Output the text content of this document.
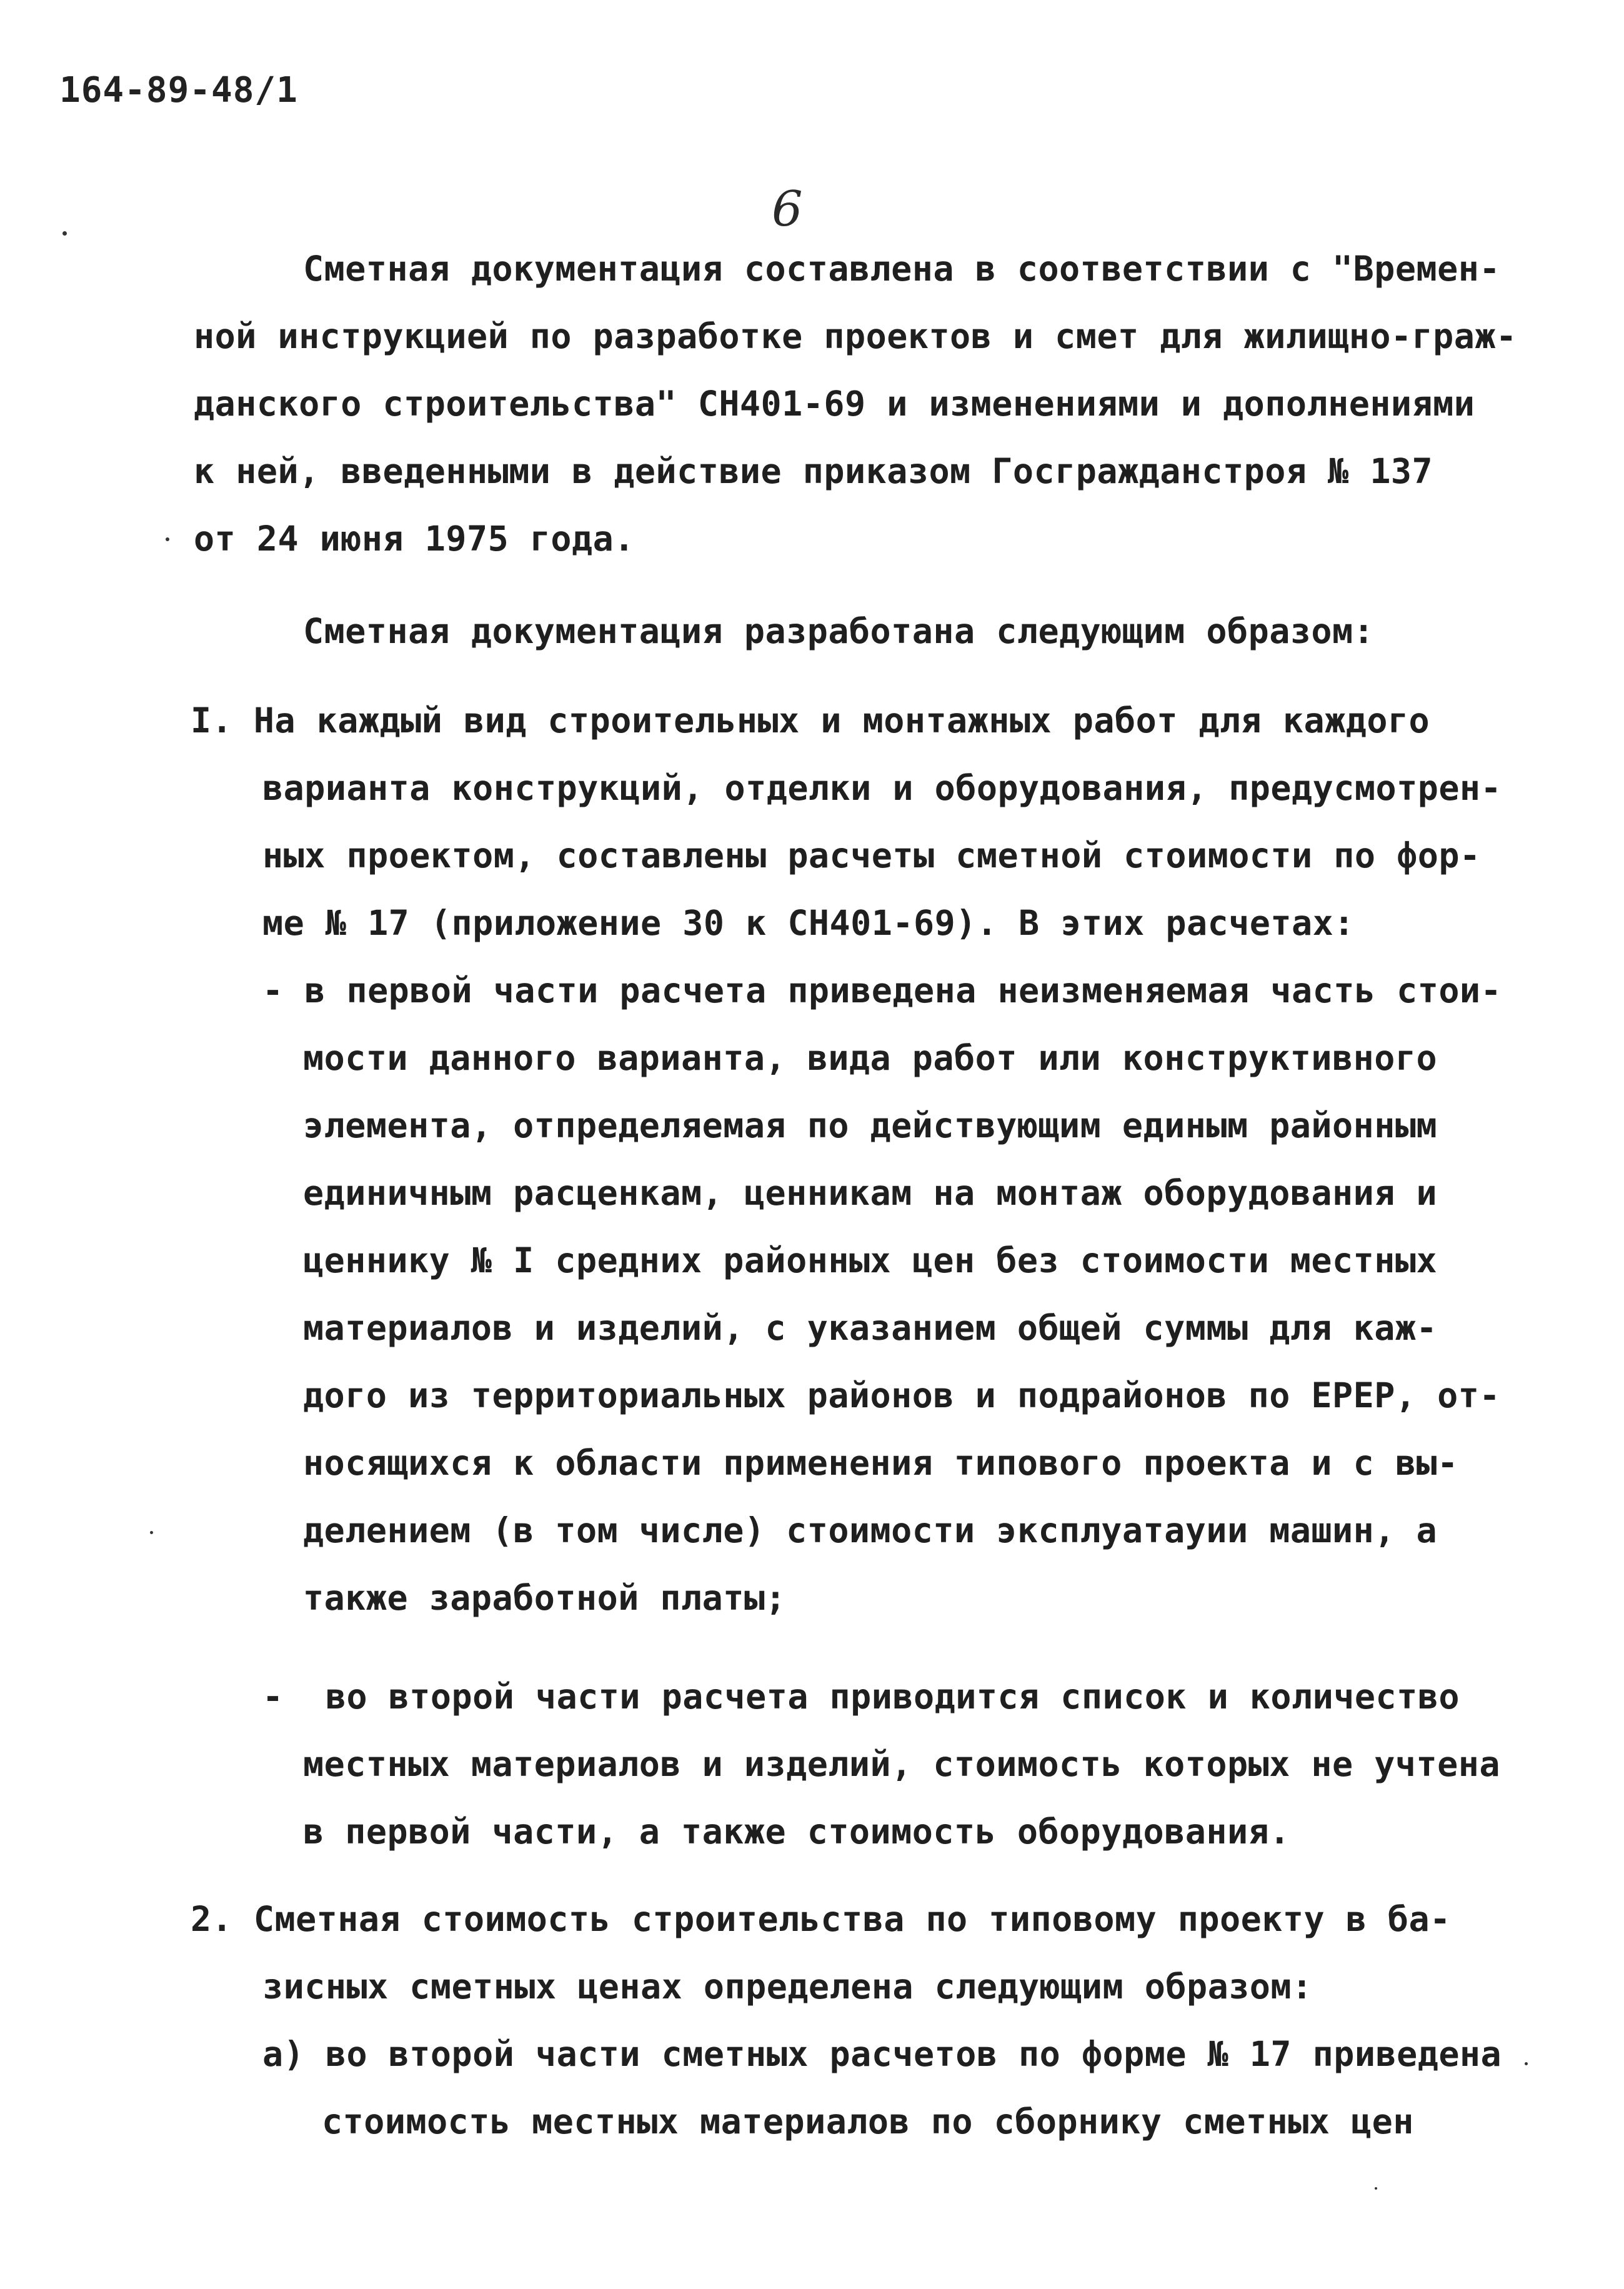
164-89-48/1
6
Сметная документация составлена в соответствии с "Времен-
ной инструкцией по разработке проектов и смет для жилищно-граж-
данского строительства" СН401-69 и изменениями и дополнениями
к ней, введенными в действие приказом Госгражданстроя № 137
от 24 июня 1975 года.
Сметная документация разработана следующим образом:
I. На каждый вид строительных и монтажных работ для каждого
варианта конструкций, отделки и оборудования, предусмотрен-
ных проектом, составлены расчеты сметной стоимости по фор-
ме № 17 (приложение 30 к СН401-69). В этих расчетах:
- в первой части расчета приведена неизменяемая часть стои-
мости данного варианта, вида работ или конструктивного
элемента, отпределяемая по действующим единым районным
единичным расценкам, ценникам на монтаж оборудования и
ценнику № I средних районных цен без стоимости местных
материалов и изделий, с указанием общей суммы для каж-
дого из территориальных районов и подрайонов по ЕРЕР, от-
носящихся к области применения типового проекта и с вы-
делением (в том числе) стоимости эксплуатауии машин, а
также заработной платы;
-  во второй части расчета приводится список и количество
местных материалов и изделий, стоимость которых не учтена
в первой части, а также стоимость оборудования.
2. Сметная стоимость строительства по типовому проекту в ба-
зисных сметных ценах определена следующим образом:
а) во второй части сметных расчетов по форме № 17 приведена
стоимость местных материалов по сборнику сметных цен
